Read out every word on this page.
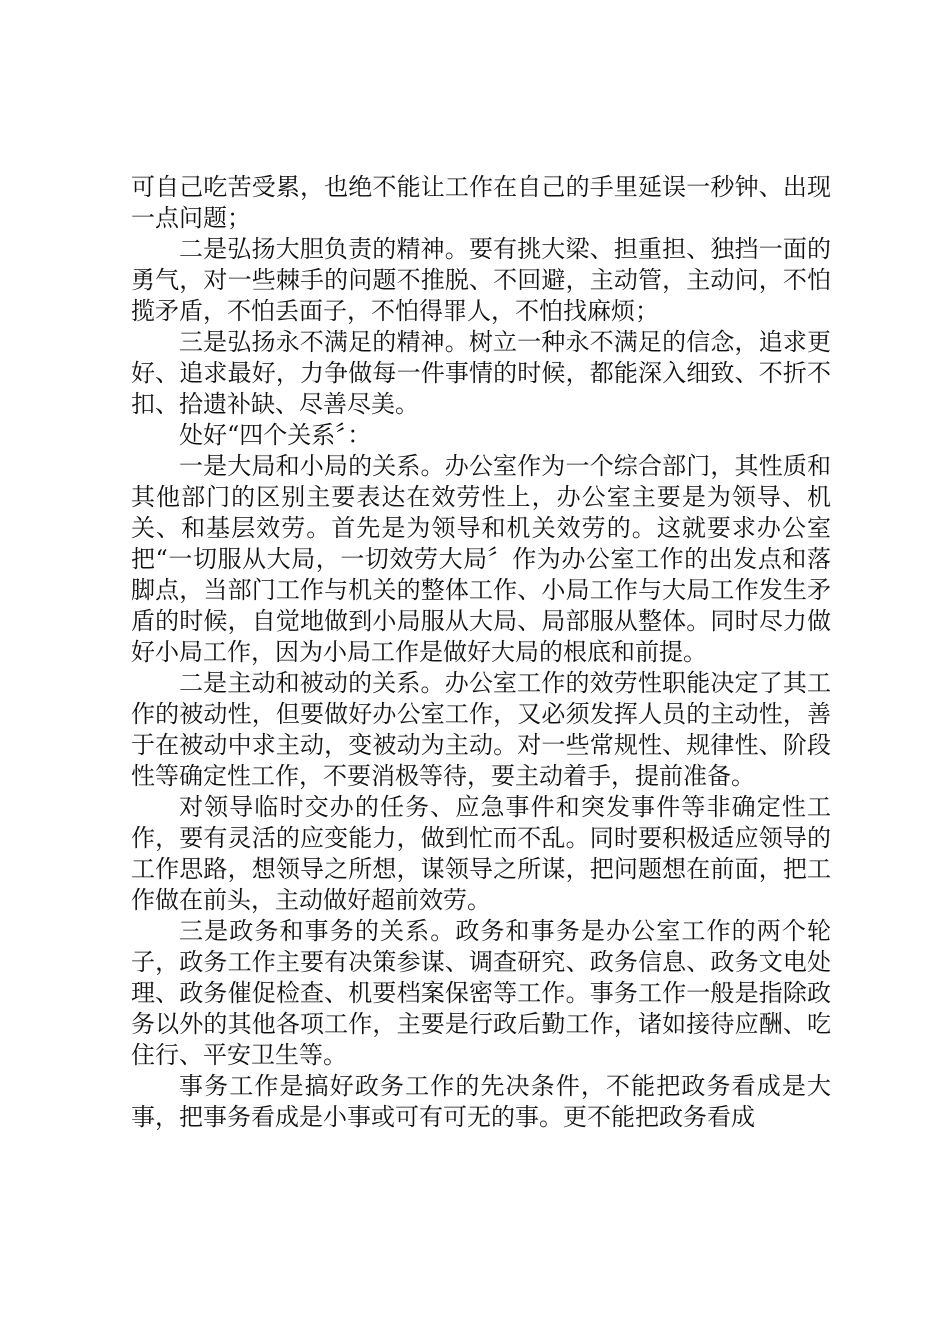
可自己吃苦受累，也绝不能让工作在自己的手里延误一秒钟、出现一点问题；

二是弘扬大胆负责的精神。要有挑大梁、担重担、独挡一面的勇气，对一些棘手的问题不推脱、不回避，主动管，主动问，不怕揽矛盾，不怕丢面子，不怕得罪人，不怕找麻烦；

三是弘扬永不满足的精神。树立一种永不满足的信念，追求更好、追求最好，力争做每一件事情的时候，都能深入细致、不折不扣、拾遗补缺、尽善尽美。

处好“四个关系〞：

一是大局和小局的关系。办公室作为一个综合部门，其性质和其他部门的区别主要表达在效劳性上，办公室主要是为领导、机关、和基层效劳。首先是为领导和机关效劳的。这就要求办公室把“一切服从大局，一切效劳大局〞作为办公室工作的出发点和落脚点，当部门工作与机关的整体工作、小局工作与大局工作发生矛盾的时候，自觉地做到小局服从大局、局部服从整体。同时尽力做好小局工作，因为小局工作是做好大局的根底和前提。

二是主动和被动的关系。办公室工作的效劳性职能决定了其工作的被动性，但要做好办公室工作，又必须发挥人员的主动性，善于在被动中求主动，变被动为主动。对一些常规性、规律性、阶段性等确定性工作，不要消极等待，要主动着手，提前准备。

对领导临时交办的任务、应急事件和突发事件等非确定性工作，要有灵活的应变能力，做到忙而不乱。同时要积极适应领导的工作思路，想领导之所想，谋领导之所谋，把问题想在前面，把工作做在前头，主动做好超前效劳。

三是政务和事务的关系。政务和事务是办公室工作的两个轮子，政务工作主要有决策参谋、调查研究、政务信息、政务文电处理、政务催促检查、机要档案保密等工作。事务工作一般是指除政务以外的其他各项工作，主要是行政后勤工作，诸如接待应酬、吃住行、平安卫生等。

事务工作是搞好政务工作的先决条件，不能把政务看成是大事，把事务看成是小事或可有可无的事。更不能把政务看成
